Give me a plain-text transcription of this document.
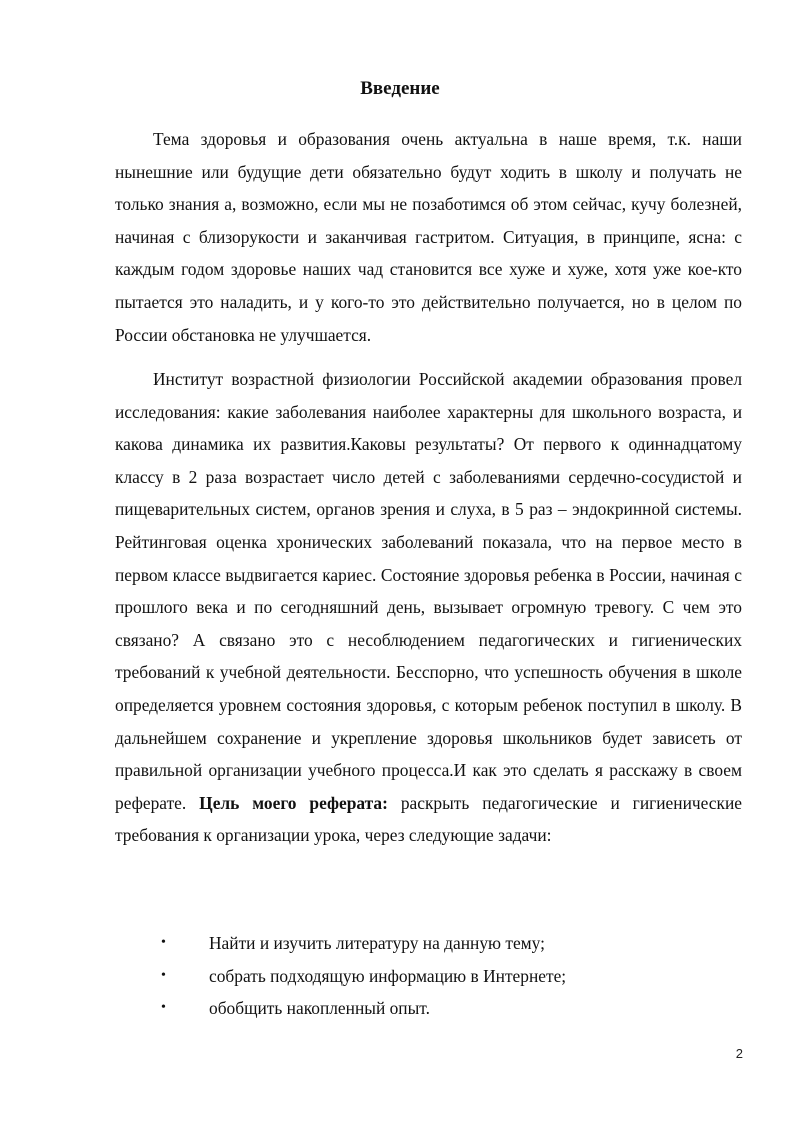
Введение

Тема здоровья и образования очень актуальна в наше время, т.к. наши нынешние или будущие дети обязательно будут ходить в школу и получать не только знания а, возможно, если мы не позаботимся об этом сейчас, кучу болезней, начиная с близорукости и заканчивая гастритом. Ситуация, в принципе, ясна: с каждым годом здоровье наших чад становится все хуже и хуже, хотя уже кое-кто пытается это наладить, и у кого-то это действительно получается, но в целом по России обстановка не улучшается.

Институт возрастной физиологии Российской академии образования провел исследования: какие заболевания наиболее характерны для школьного возраста, и какова динамика их развития.Каковы результаты? От первого к одиннадцатому классу в 2 раза возрастает число детей с заболеваниями сердечно-сосудистой и пищеварительных систем, органов зрения и слуха, в 5 раз – эндокринной системы. Рейтинговая оценка хронических заболеваний показала, что на первое место в первом классе выдвигается кариес. Состояние здоровья ребенка в России, начиная с прошлого века и по сегодняшний день, вызывает огромную тревогу. С чем это связано? А связано это с несоблюдением педагогических и гигиенических требований к учебной деятельности. Бесспорно, что успешность обучения в школе определяется уровнем состояния здоровья, с которым ребенок поступил в школу. В дальнейшем сохранение и укрепление здоровья школьников будет зависеть от правильной организации учебного процесса.И как это сделать я расскажу в своем реферате. Цель моего реферата: раскрыть педагогические и гигиенические требования к организации урока, через следующие задачи:

• Найти и изучить литературу на данную тему;
• собрать подходящую информацию в Интернете;
• обобщить накопленный опыт.
2
